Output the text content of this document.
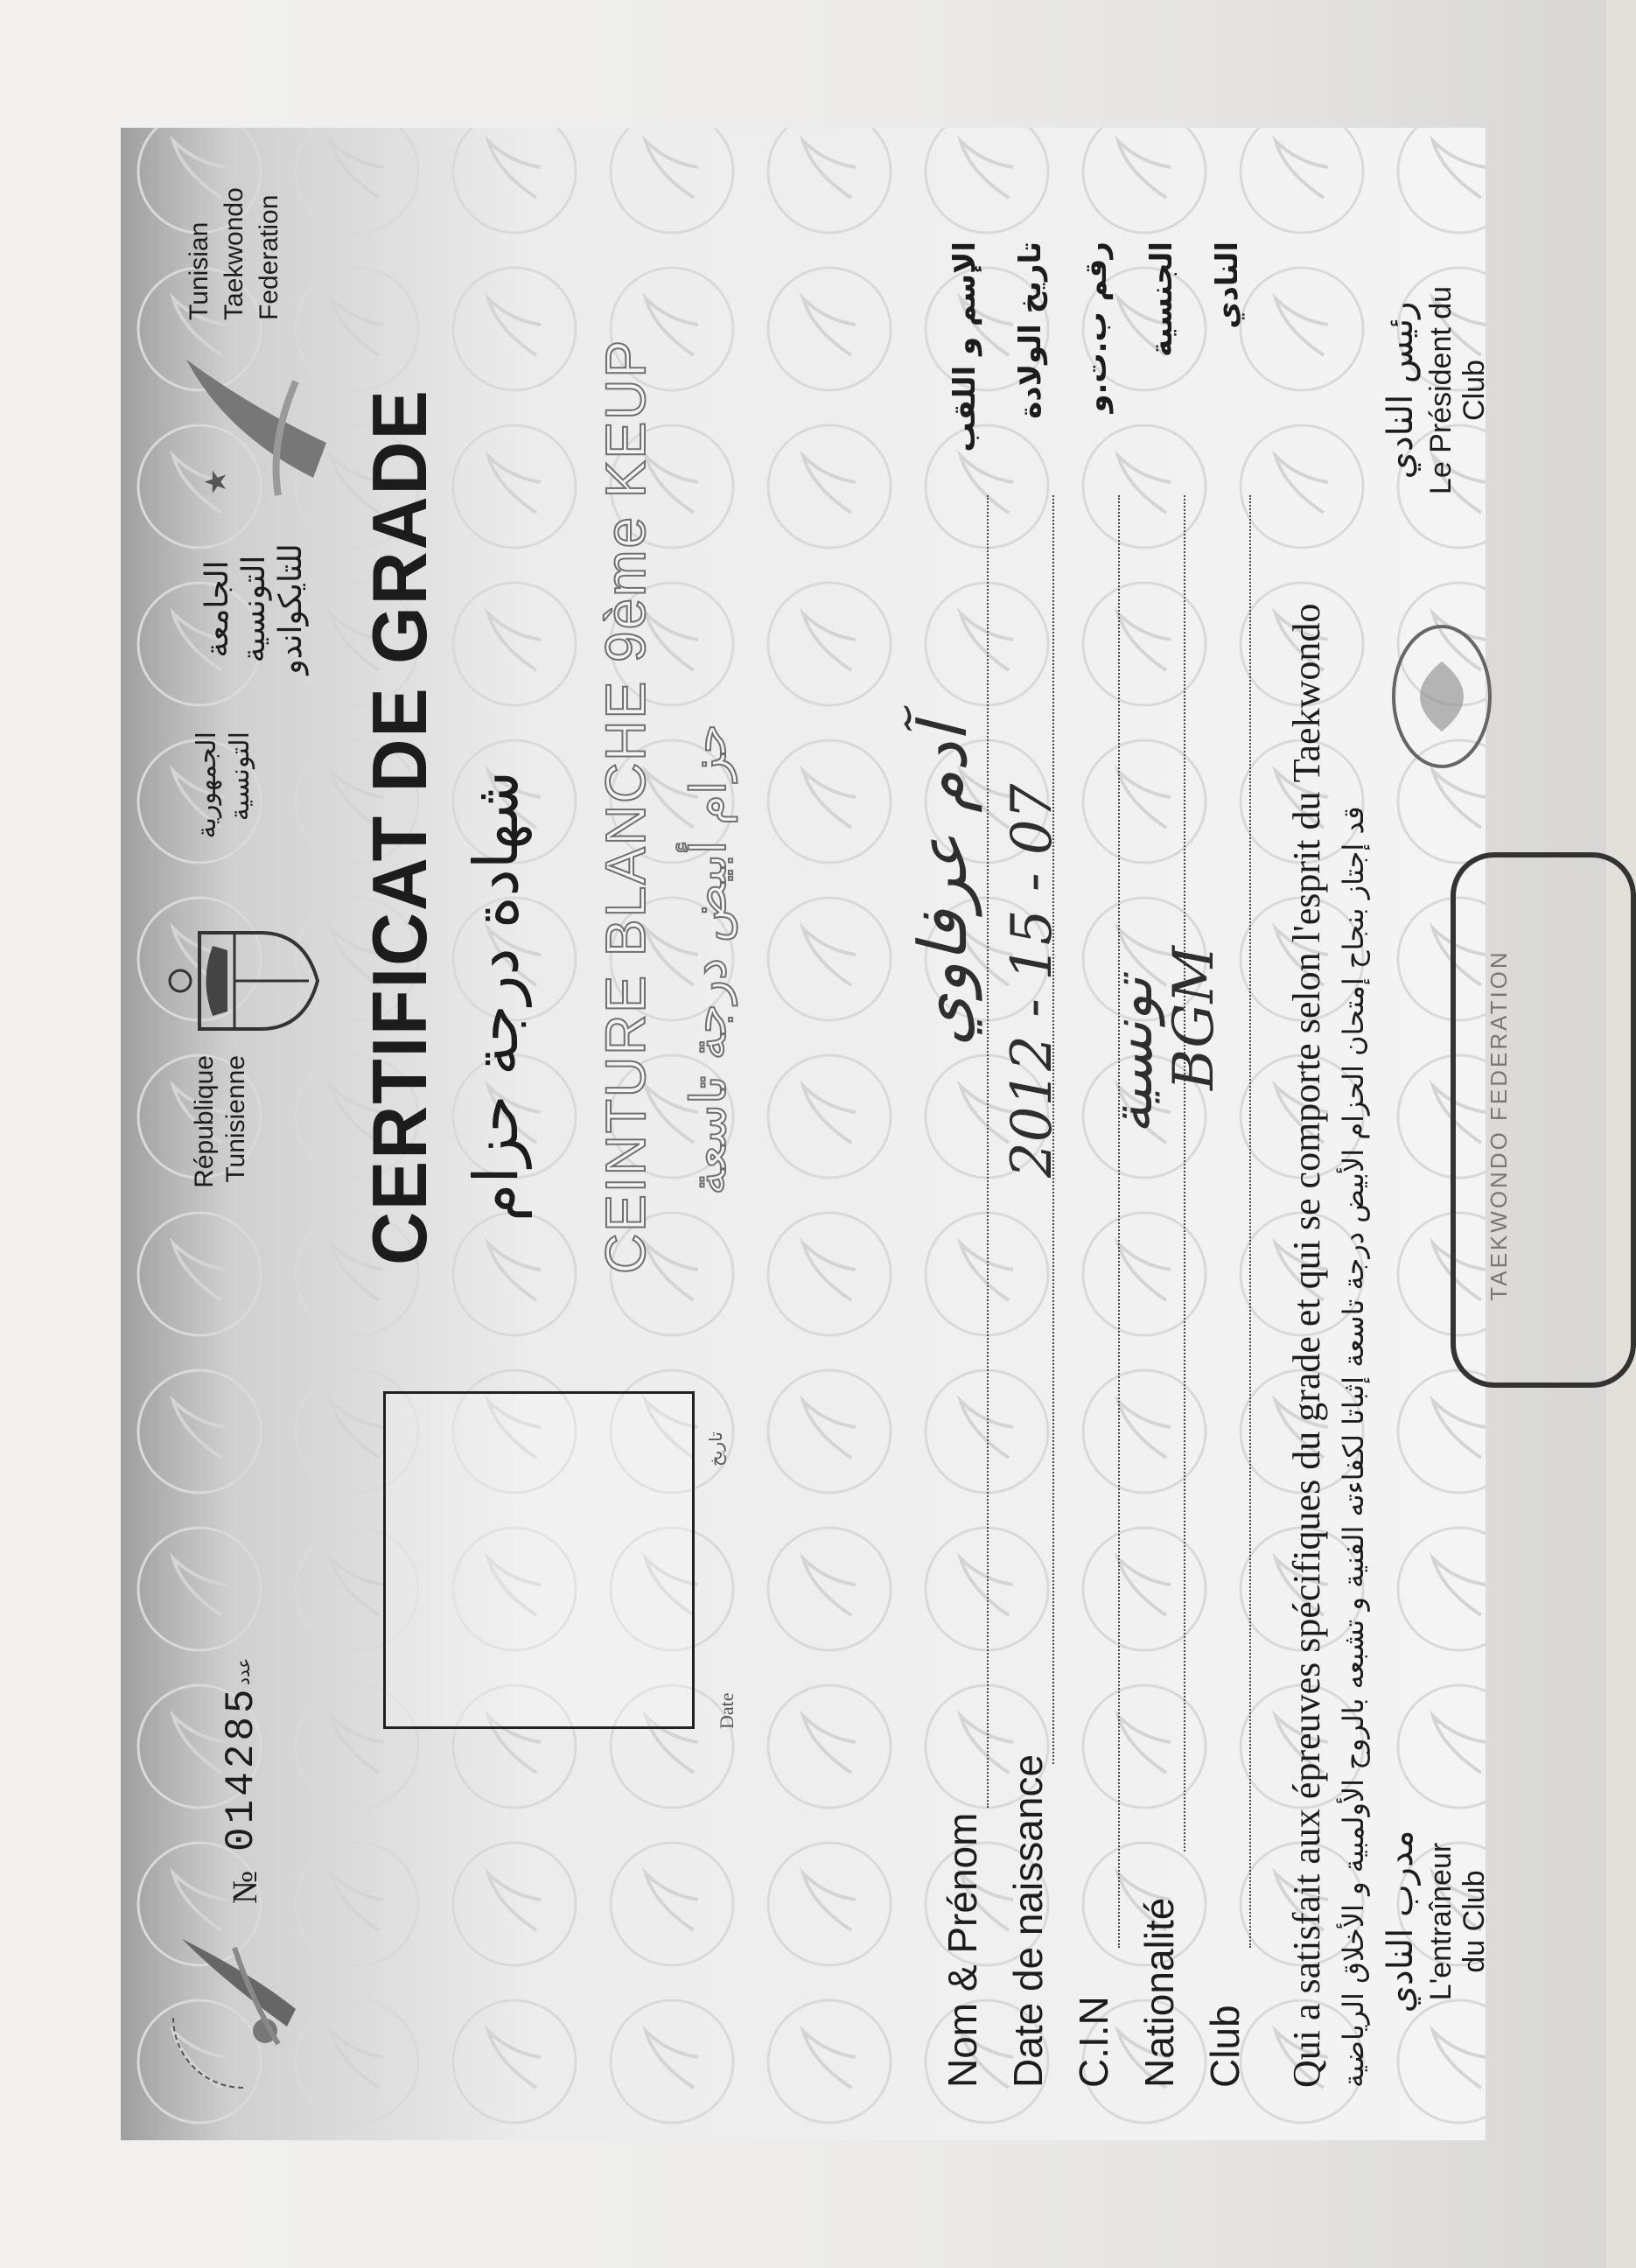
№
014285
عدد
République
Tunisienne
الجمهورية
التونسية
الجامعة
التونسية
للتايكواندو
★
Tunisian
Taekwondo
Federation
Date
تاريخ
CERTIFICAT DE GRADE شهادة درجة حزام CEINTURE BLANCHE 9ème KEUP حزام أبيض درجة تاسعة
Nom & Prénom
الإسم و اللقب
Date de naissance
تاريخ الولادة
C.I.N
رقم ب.ت.و
Nationalité
الجنسية
Club
النادي
آدم عرفاوي 2012 - 15 - 07 تونسية
BGM Qui a satisfait aux épreuves spécifiques du grade et qui se comporte selon l'esprit du Taekwondo قد إجتاز بنجاح إمتحان الحزام الأبيض درجة تاسعة إثباتا لكفاءته الفنية و تشبعه بالروح الأولمبية و الأخلاق الرياضية	TAEKWONDO FEDERATION
مدرب النادي L'entraîneur
du Club
رئيس النادي Le Président du
Club
